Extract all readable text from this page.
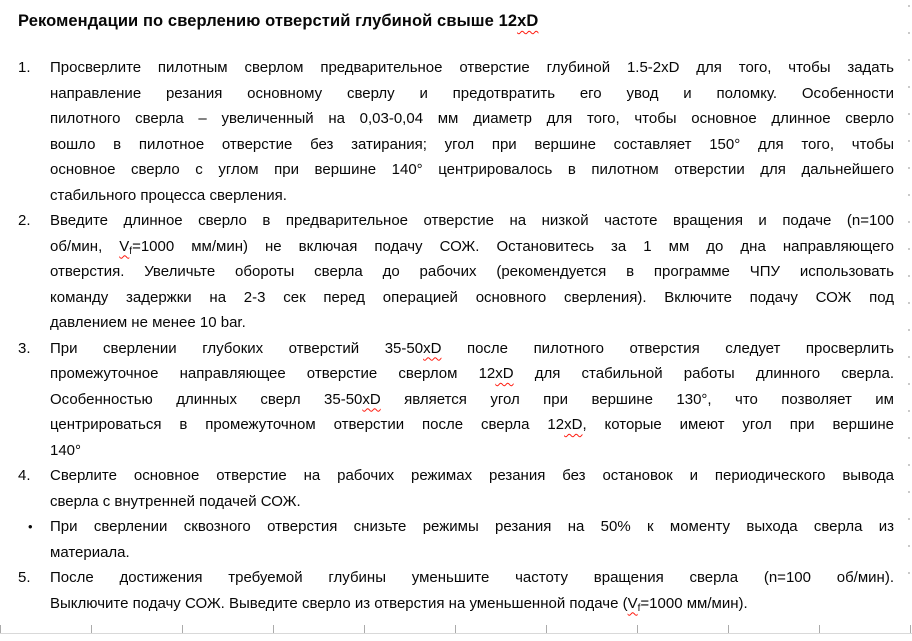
Рекомендации по сверлению отверстий глубиной свыше 12xD
1.	Просверлите пилотным сверлом предварительное отверстие глубиной 1.5-2xD для того, чтобы задать
направление резания основному сверлу и предотвратить его увод и поломку. Особенности
пилотного сверла – увеличенный на 0,03-0,04 мм диаметр для того, чтобы основное длинное сверло
вошло в пилотное отверстие без затирания; угол при вершине составляет 150° для того, чтобы
основное сверло с углом при вершине 140° центрировалось в пилотном отверстии для дальнейшего
стабильного процесса сверления.
2.	Введите длинное сверло в предварительное отверстие на низкой частоте вращения и подаче (n=100
об/мин, $V_f=1000$ мм/мин) не включая подачу СОЖ. Остановитесь за 1 мм до дна направляющего
отверстия. Увеличьте обороты сверла до рабочих (рекомендуется в программе ЧПУ использовать
команду задержки на 2-3 сек перед операцией основного сверления). Включите подачу СОЖ под
давлением не менее 10 bar.
3.	При сверлении глубоких отверстий 35-50xD после пилотного отверстия следует просверлить
промежуточное направляющее отверстие сверлом 12xD для стабильной работы длинного сверла.
Особенностью длинных сверл 35-50xD является угол при вершине 130°, что позволяет им
центрироваться в промежуточном отверстии после сверла 12xD, которые имеют угол при вершине
140°
4.	Сверлите основное отверстие на рабочих режимах резания без остановок и периодического вывода
сверла с внутренней подачей СОЖ.
•	При сверлении сквозного отверстия снизьте режимы резания на 50% к моменту выхода сверла из
материала.
5.	После достижения требуемой глубины уменьшите частоту вращения сверла (n=100 об/мин).
Выключите подачу СОЖ. Выведите сверло из отверстия на уменьшенной подаче ($V_f=1000$ мм/мин).
